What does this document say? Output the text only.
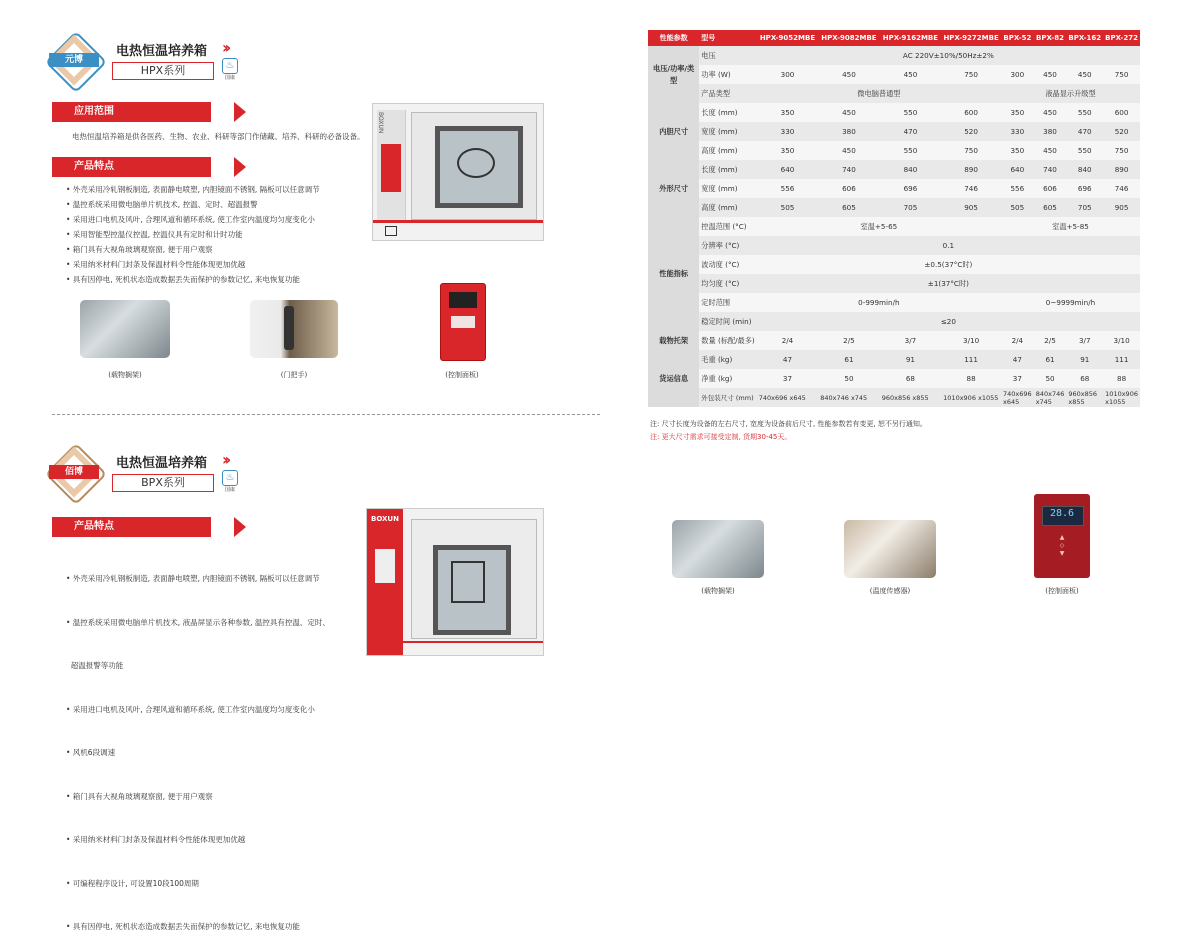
元博
电热恒温培养箱 ››
HPX系列	♨
国康
应用范围
电热恒温培养箱是供各医药、生物、农业、科研等部门作储藏、培养、科研的必备设备。
产品特点
• 外壳采用冷轧钢板制造, 表面静电喷塑, 内胆镜面不锈钢, 隔板可以任意调节
• 温控系统采用微电脑单片机技术, 控温、定时、超温报警
• 采用进口电机及风叶, 合理风道和循环系统, 使工作室内温度均匀度变化小
• 采用智能型控温仪控温, 控温仪具有定时和计时功能
• 箱门具有大视角玻璃观察窗, 便于用户观察
• 采用纳米材料门封条及保温材料令性能体现更加优越
• 具有因停电, 死机状态造成数据丢失而保护的参数记忆, 来电恢复功能
BOXUN
(载物搁架)	(门把手)	(控制面板)
佰博
电热恒温培养箱 ››
BPX系列	♨
国康
产品特点

• 外壳采用冷轧钢板制造, 表面静电喷塑, 内胆镜面不锈钢, 隔板可以任意调节

• 温控系统采用微电脑单片机技术, 液晶屏显示各种参数, 温控具有控温、定时、

超温报警等功能

• 采用进口电机及风叶, 合理风道和循环系统, 使工作室内温度均匀度变化小

• 风机6段调速

• 箱门具有大视角玻璃观察窗, 便于用户观察

• 采用纳米材料门封条及保温材料令性能体现更加优越

• 可编程程序设计, 可设置10段100周期

• 具有因停电, 死机状态造成数据丢失而保护的参数记忆, 来电恢复功能

BOXUN
(载物搁架)	(温度传感器)
28.6
▲
◇
▼
(控制面板)
性能参数	型号	HPX-9052MBE	HPX-9082MBE	HPX-9162MBE	HPX-9272MBE	BPX-52	BPX-82	BPX-162	BPX-272
电压/功率/类型	电压	AC 220V±10%/50Hz±2%							
	功率 (W)	300	450	450	750	300	450	450	750
	产品类型	微电脑普通型				液晶显示升级型			
内胆尺寸	长度 (mm)	350	450	550	600	350	450	550	600
	宽度 (mm)	330	380	470	520	330	380	470	520
	高度 (mm)	350	450	550	750	350	450	550	750
外形尺寸	长度 (mm)	640	740	840	890	640	740	840	890
	宽度 (mm)	556	606	696	746	556	606	696	746
	高度 (mm)	505	605	705	905	505	605	705	905
性能指标	控温范围 (°C)	室温+5-65				室温+5-85			
	分辨率 (°C)	0.1							
	波动度 (°C)	±0.5(37°C时)							
	均匀度 (°C)	±1(37°C时)							
	定时范围	0-999min/h				0~9999min/h			
	稳定时间 (min)	≤20							
载物托架	数量 (标配/最多)	2/4	2/5	3/7	3/10	2/4	2/5	3/7	3/10
货运信息	毛重 (kg)	47	61	91	111	47	61	91	111
	净重 (kg)	37	50	68	88	37	50	68	88
	外包装尺寸 (mm)	740x696 x645	840x746 x745	960x856 x855	1010x906 x1055	740x696 x645	840x746 x745	960x856 x855	1010x906 x1055
注: 尺寸长度为设备的左右尺寸, 宽度为设备前后尺寸, 性能参数若有变更, 恕不另行通知。
注: 更大尺寸需求可接受定制, 货期30-45天。
